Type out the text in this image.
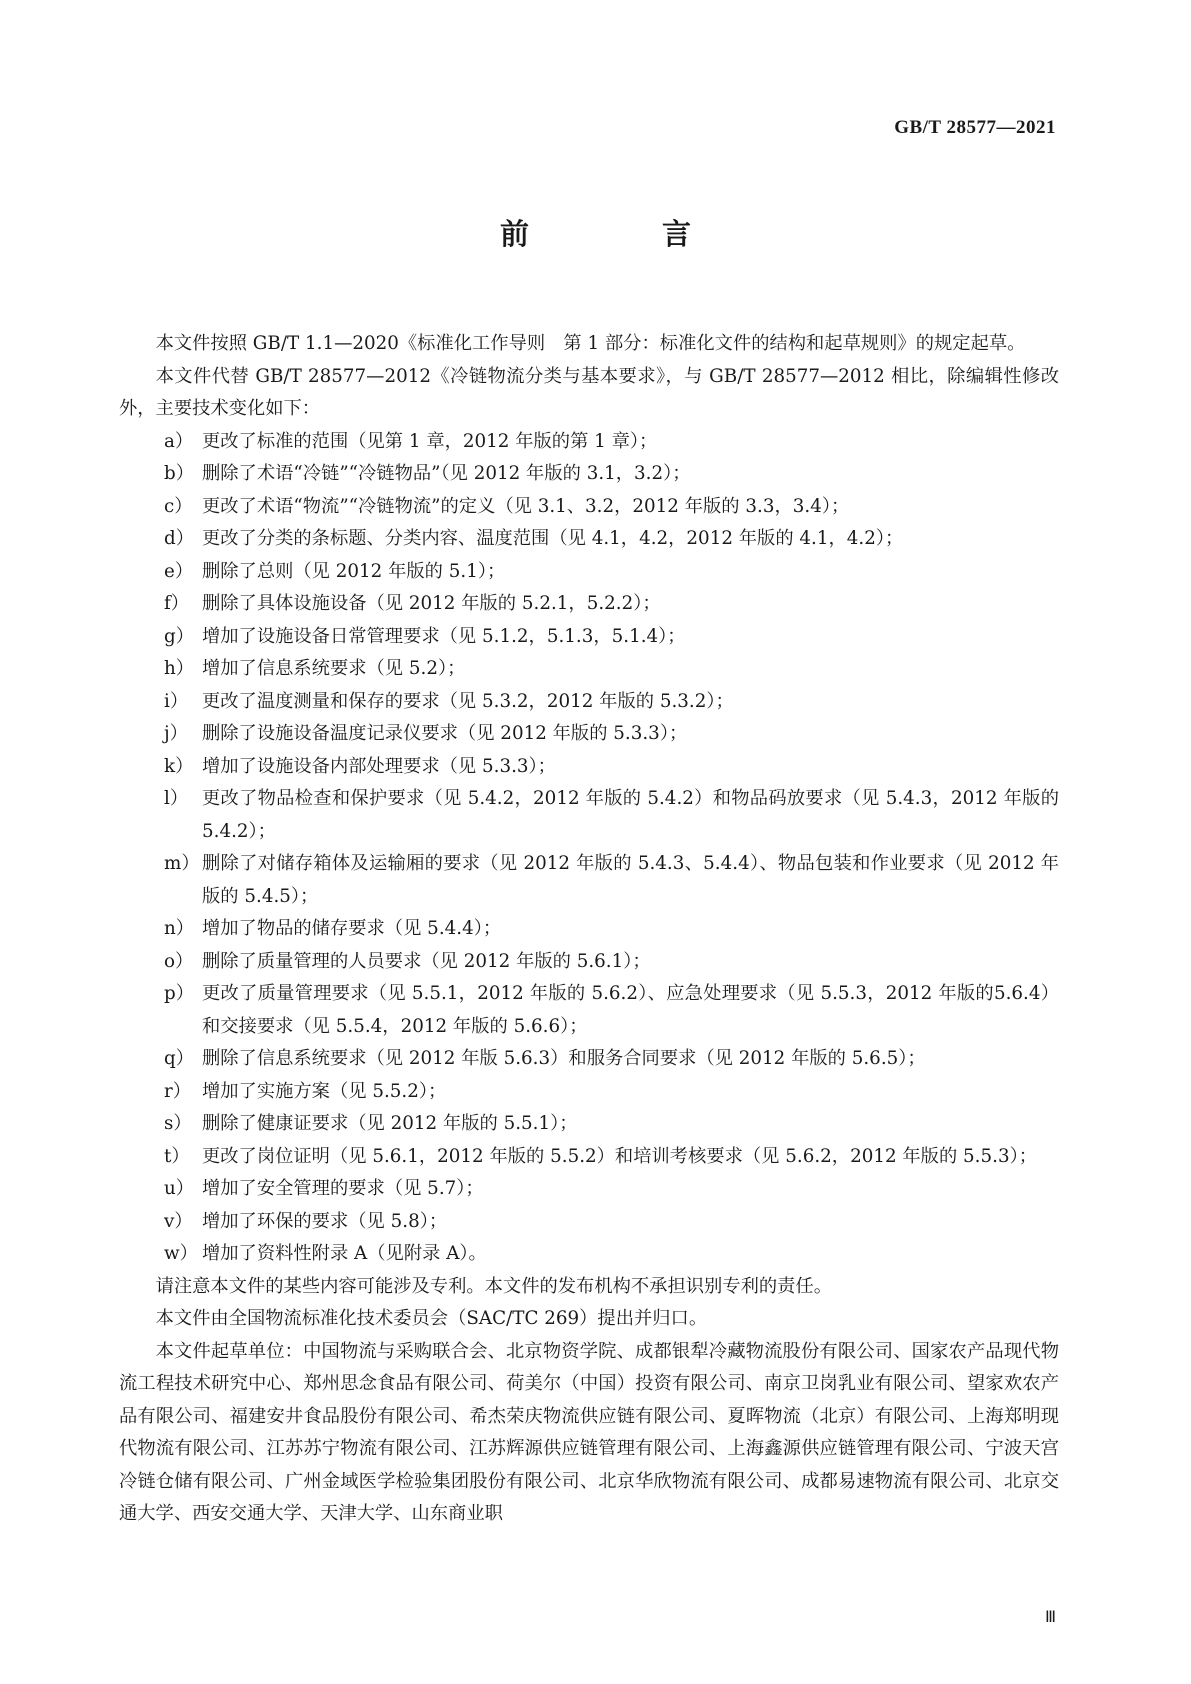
GB/T 28577—2021
前　言

本文件按照 GB/T 1.1—2020《标准化工作导则　第 1 部分：标准化文件的结构和起草规则》的规定起草。

本文件代替 GB/T 28577—2012《冷链物流分类与基本要求》，与 GB/T 28577—2012 相比，除编辑性修改外，主要技术变化如下：

a） 更改了标准的范围（见第 1 章，2012 年版的第 1 章）；
b） 删除了术语“冷链”“冷链物品”（见 2012 年版的 3.1，3.2）；
c） 更改了术语“物流”“冷链物流”的定义（见 3.1、3.2，2012 年版的 3.3，3.4）；
d） 更改了分类的条标题、分类内容、温度范围（见 4.1，4.2，2012 年版的 4.1，4.2）；
e） 删除了总则（见 2012 年版的 5.1）；
f） 删除了具体设施设备（见 2012 年版的 5.2.1，5.2.2）；
g） 增加了设施设备日常管理要求（见 5.1.2，5.1.3，5.1.4）；
h） 增加了信息系统要求（见 5.2）；
i） 更改了温度测量和保存的要求（见 5.3.2，2012 年版的 5.3.2）；
j） 删除了设施设备温度记录仪要求（见 2012 年版的 5.3.3）；
k） 增加了设施设备内部处理要求（见 5.3.3）；
l） 更改了物品检查和保护要求（见 5.4.2，2012 年版的 5.4.2）和物品码放要求（见 5.4.3，2012 年版的 5.4.2）；
m） 删除了对储存箱体及运输厢的要求（见 2012 年版的 5.4.3、5.4.4）、物品包装和作业要求（见 2012 年版的 5.4.5）；
n） 增加了物品的储存要求（见 5.4.4）；
o） 删除了质量管理的人员要求（见 2012 年版的 5.6.1）；
p） 更改了质量管理要求（见 5.5.1，2012 年版的 5.6.2）、应急处理要求（见 5.5.3，2012 年版的5.6.4）和交接要求（见 5.5.4，2012 年版的 5.6.6）；
q） 删除了信息系统要求（见 2012 年版 5.6.3）和服务合同要求（见 2012 年版的 5.6.5）；
r） 增加了实施方案（见 5.5.2）；
s） 删除了健康证要求（见 2012 年版的 5.5.1）；
t） 更改了岗位证明（见 5.6.1，2012 年版的 5.5.2）和培训考核要求（见 5.6.2，2012 年版的 5.5.3）；
u） 增加了安全管理的要求（见 5.7）；
v） 增加了环保的要求（见 5.8）；
w） 增加了资料性附录 A（见附录 A）。

请注意本文件的某些内容可能涉及专利。本文件的发布机构不承担识别专利的责任。

本文件由全国物流标准化技术委员会（SAC/TC 269）提出并归口。

本文件起草单位：中国物流与采购联合会、北京物资学院、成都银犁冷藏物流股份有限公司、国家农产品现代物流工程技术研究中心、郑州思念食品有限公司、荷美尔（中国）投资有限公司、南京卫岗乳业有限公司、望家欢农产品有限公司、福建安井食品股份有限公司、希杰荣庆物流供应链有限公司、夏晖物流（北京）有限公司、上海郑明现代物流有限公司、江苏苏宁物流有限公司、江苏辉源供应链管理有限公司、上海鑫源供应链管理有限公司、宁波天宫冷链仓储有限公司、广州金域医学检验集团股份有限公司、北京华欣物流有限公司、成都易速物流有限公司、北京交通大学、西安交通大学、天津大学、山东商业职

Ⅲ
